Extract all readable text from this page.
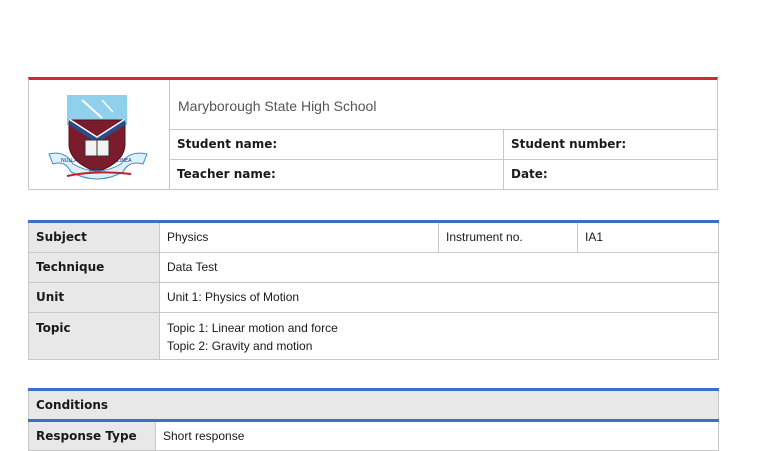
NULLA
DIES
LINEA
Maryborough State High School
Student name:	Student number:
Teacher name:	Date:
Subject	Physics	Instrument no.	IA1
Technique	Data Test		
Unit	Unit 1: Physics of Motion		
Topic	Topic 1: Linear motion and force
Topic 2: Gravity and motion		
Conditions
Response Type	Short response
